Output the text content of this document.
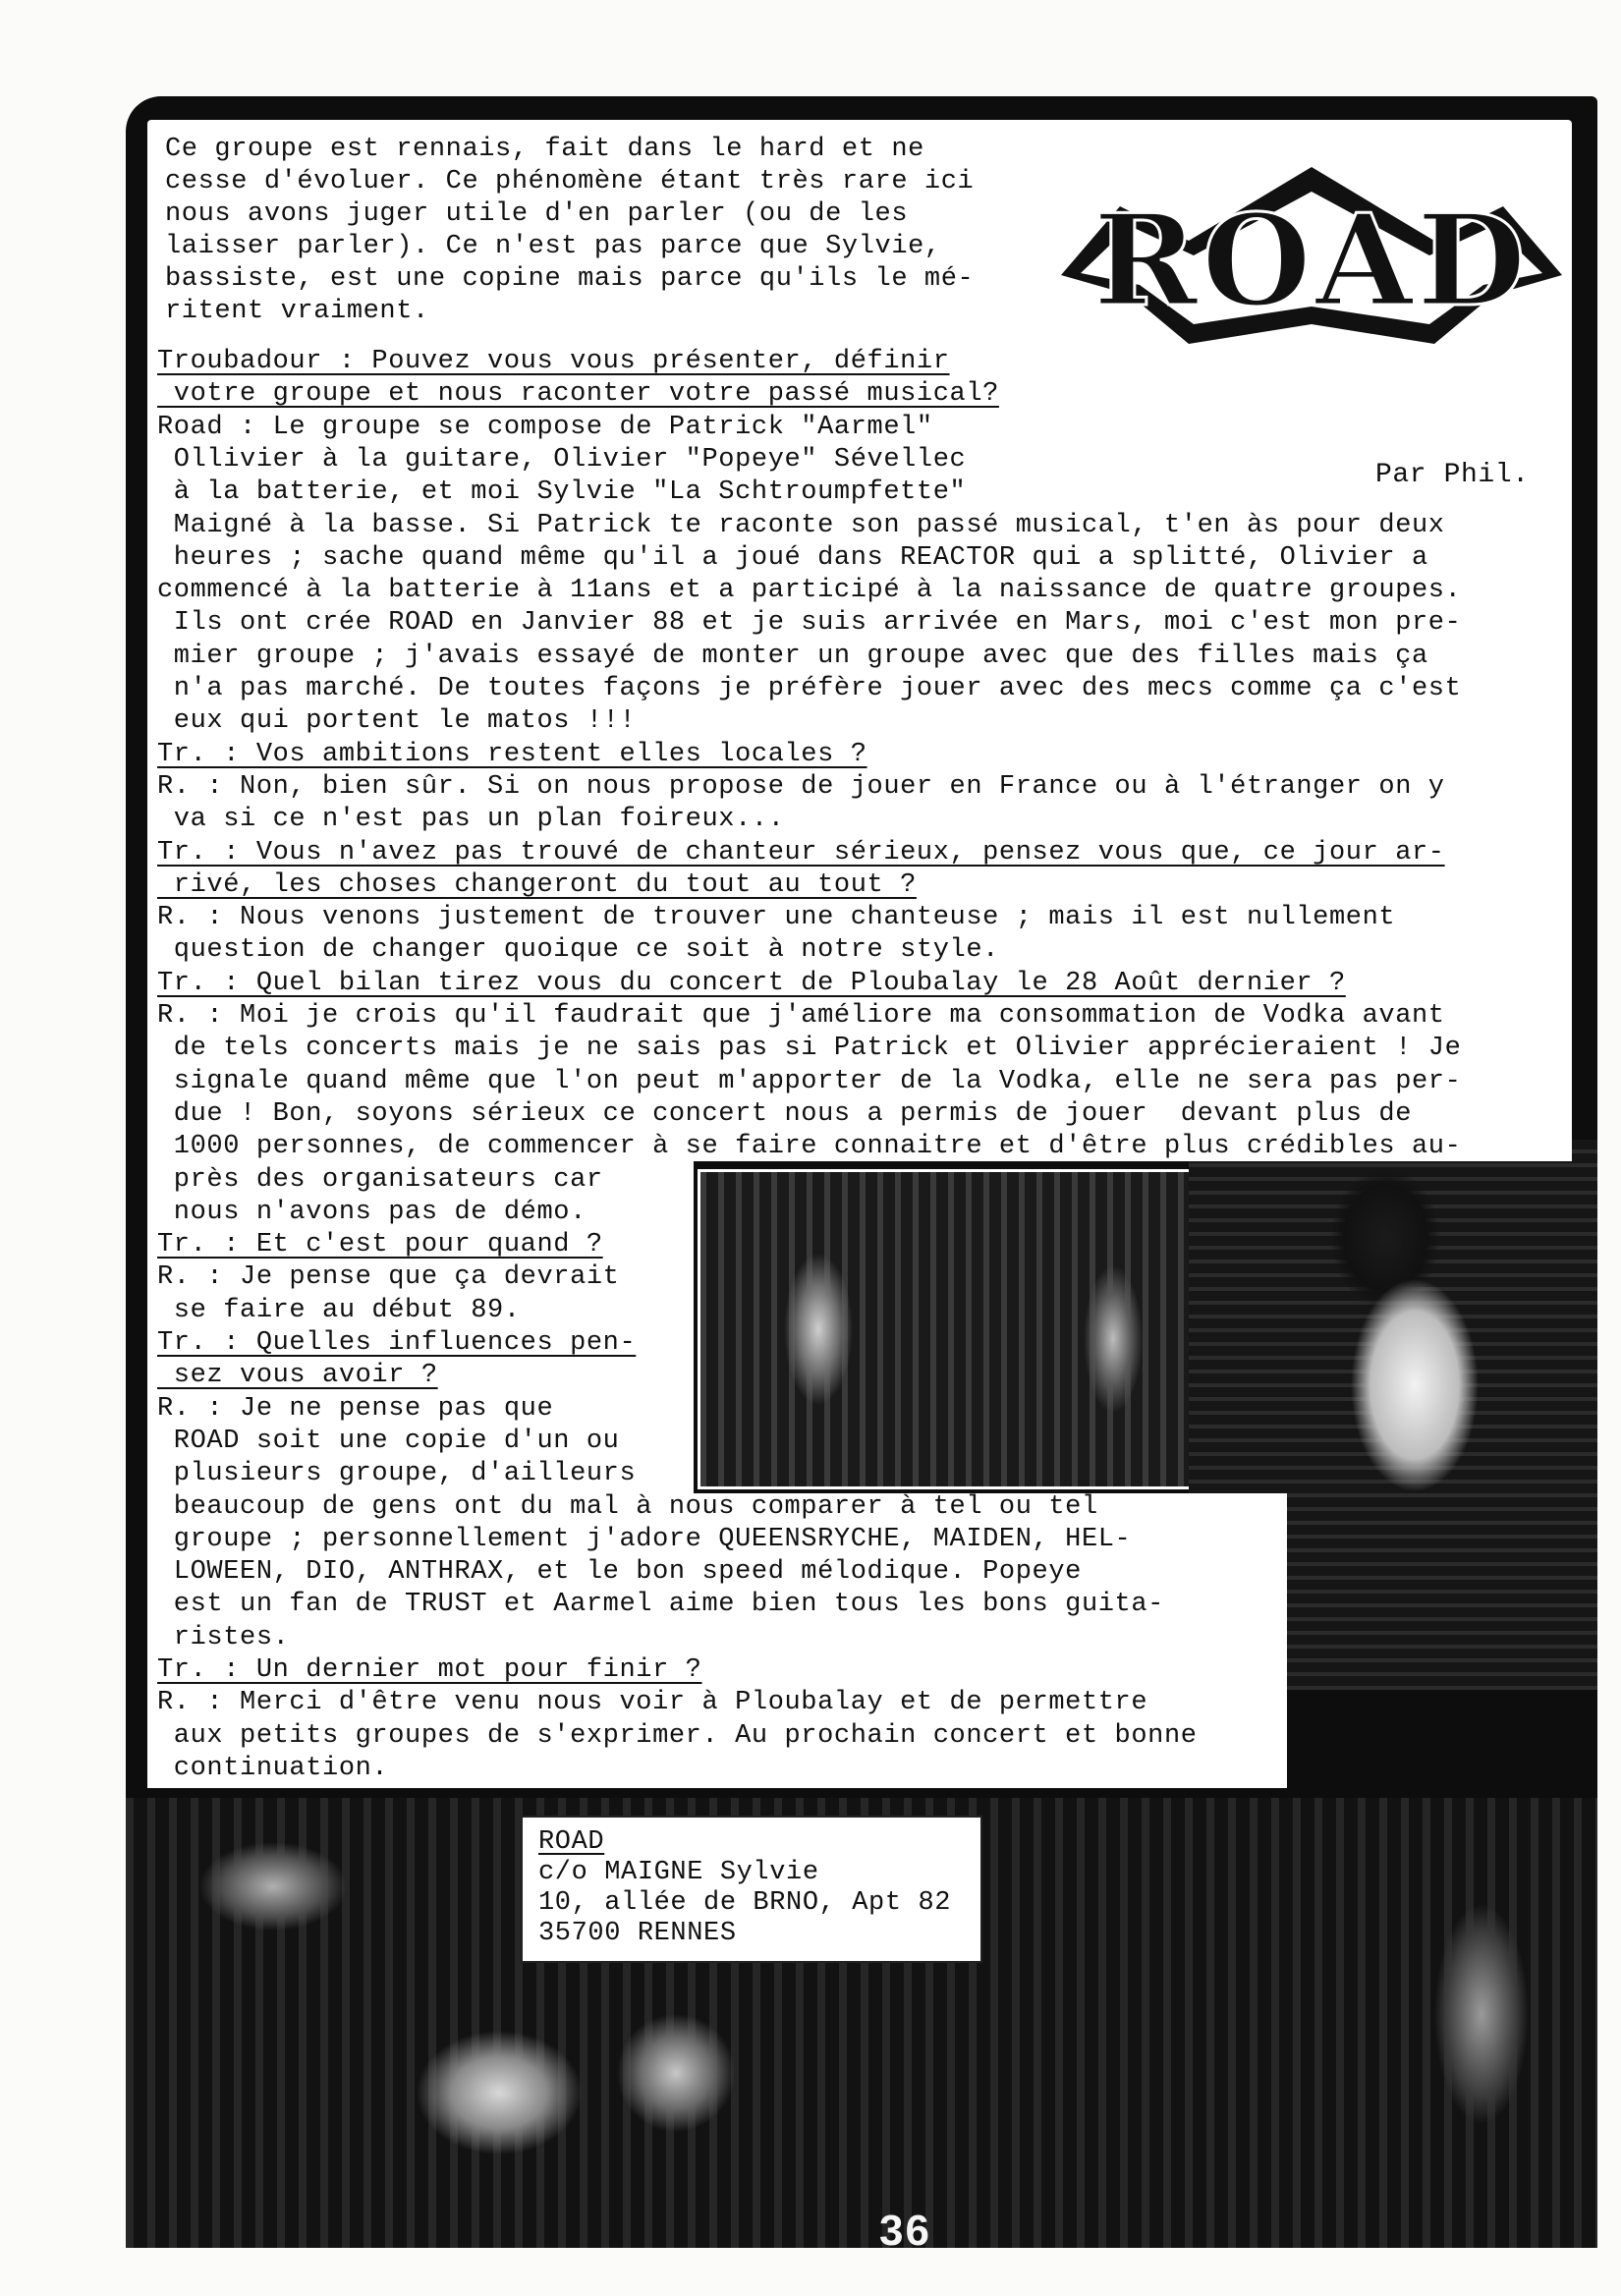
Ce groupe est rennais, fait dans le hard et ne
cesse d'évoluer. Ce phénomène étant très rare ici
nous avons juger utile d'en parler (ou de les
laisser parler). Ce n'est pas parce que Sylvie,
bassiste, est une copine mais parce qu'ils le mé-
ritent vraiment.	ROAD
Par Phil.
Troubadour : Pouvez vous vous présenter, définir
votre groupe et nous raconter votre passé musical?
Road : Le groupe se compose de Patrick "Aarmel"
Ollivier à la guitare, Olivier "Popeye" Sévellec
à la batterie, et moi Sylvie "La Schtroumpfette"
Maigné à la basse. Si Patrick te raconte son passé musical, t'en às pour deux
heures ; sache quand même qu'il a joué dans REACTOR qui a splitté, Olivier a
commencé à la batterie à 11ans et a participé à la naissance de quatre groupes.
Ils ont crée ROAD en Janvier 88 et je suis arrivée en Mars, moi c'est mon pre-
mier groupe ; j'avais essayé de monter un groupe avec que des filles mais ça
n'a pas marché. De toutes façons je préfère jouer avec des mecs comme ça c'est
eux qui portent le matos !!!
Tr. : Vos ambitions restent elles locales ?
R. : Non, bien sûr. Si on nous propose de jouer en France ou à l'étranger on y
va si ce n'est pas un plan foireux...
Tr. : Vous n'avez pas trouvé de chanteur sérieux, pensez vous que, ce jour ar-
rivé, les choses changeront du tout au tout ?
R. : Nous venons justement de trouver une chanteuse ; mais il est nullement
question de changer quoique ce soit à notre style.
Tr. : Quel bilan tirez vous du concert de Ploubalay le 28 Août dernier ?
R. : Moi je crois qu'il faudrait que j'améliore ma consommation de Vodka avant
de tels concerts mais je ne sais pas si Patrick et Olivier apprécieraient ! Je
signale quand même que l'on peut m'apporter de la Vodka, elle ne sera pas per-
due ! Bon, soyons sérieux ce concert nous a permis de jouer  devant plus de
1000 personnes, de commencer à se faire connaitre et d'être plus crédibles au-
près des organisateurs car
nous n'avons pas de démo.
Tr. : Et c'est pour quand ?
R. : Je pense que ça devrait
se faire au début 89.
Tr. : Quelles influences pen-
sez vous avoir ?
R. : Je ne pense pas que
ROAD soit une copie d'un ou
plusieurs groupe, d'ailleurs
beaucoup de gens ont du mal à nous comparer à tel ou tel
groupe ; personnellement j'adore QUEENSRYCHE, MAIDEN, HEL-
LOWEEN, DIO, ANTHRAX, et le bon speed mélodique. Popeye
est un fan de TRUST et Aarmel aime bien tous les bons guita-
ristes.
Tr. : Un dernier mot pour finir ?
R. : Merci d'être venu nous voir à Ploubalay et de permettre
aux petits groupes de s'exprimer. Au prochain concert et bonne
continuation.
ROAD
c/o MAIGNE Sylvie
10, allée de BRNO, Apt 82
35700 RENNES
36
